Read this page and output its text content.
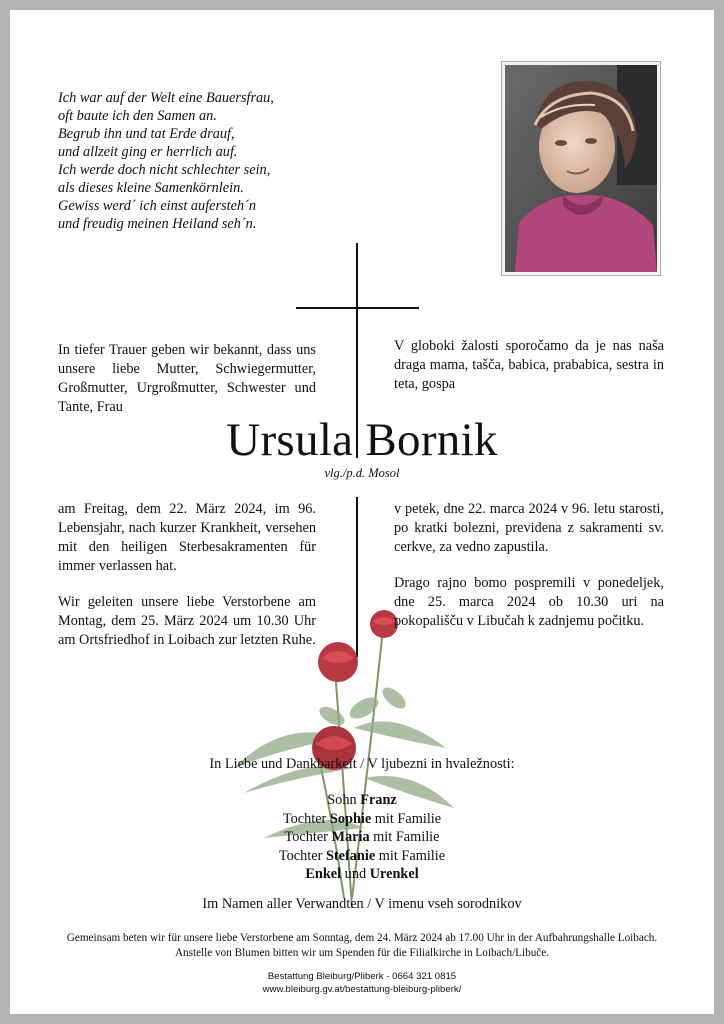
Ich war auf der Welt eine Bauersfrau,
oft baute ich den Samen an.
Begrub ihn und tat Erde drauf,
und allzeit ging er herrlich auf.
Ich werde doch nicht schlechter sein,
als dieses kleine Samenkörnlein.
Gewiss werd´ ich einst aufersteh´n
und freudig meinen Heiland seh´n.
In tiefer Trauer geben wir bekannt, dass uns unsere liebe Mutter, Schwiegermutter, Großmutter, Urgroßmutter, Schwester und Tante, Frau
V globoki žalosti sporočamo da je nas naša draga mama, tašča, babica, prababica, sestra in teta, gospa
Ursula Bornik
vlg./p.d. Mosol

am Freitag, dem 22. März 2024, im 96. Lebensjahr, nach kurzer Krankheit, versehen mit den heiligen Sterbesakramenten für immer verlassen hat.

Wir geleiten unsere liebe Verstorbene am Montag, dem 25. März 2024 um 10.30 Uhr am Ortsfriedhof in Loibach zur letzten Ruhe.

v petek, dne 22. marca 2024 v 96. letu starosti, po kratki bolezni, previdena z sakramenti sv. cerkve, za vedno zapustila.

Drago rajno bomo pospremili v ponedeljek, dne 25. marca 2024 ob 10.30 uri na pokopališču v Libučah k zadnjemu počitku.

In Liebe und Dankbarkeit / V ljubezni in hvaležnosti:
Sohn Franz
Tochter Sophie mit Familie
Tochter Maria mit Familie
Tochter Stefanie mit Familie
Enkel und Urenkel
Im Namen aller Verwandten / V imenu vseh sorodnikov
Gemeinsam beten wir für unsere liebe Verstorbene am Sonntag, dem 24. März 2024 ab 17.00 Uhr in der Aufbahrungshalle Loibach.
Anstelle von Blumen bitten wir um Spenden für die Filialkirche in Loibach/Libuče.
Bestattung Bleiburg/Pliberk - 0664 321 0815
www.bleiburg.gv.at/bestattung-bleiburg-pliberk/
